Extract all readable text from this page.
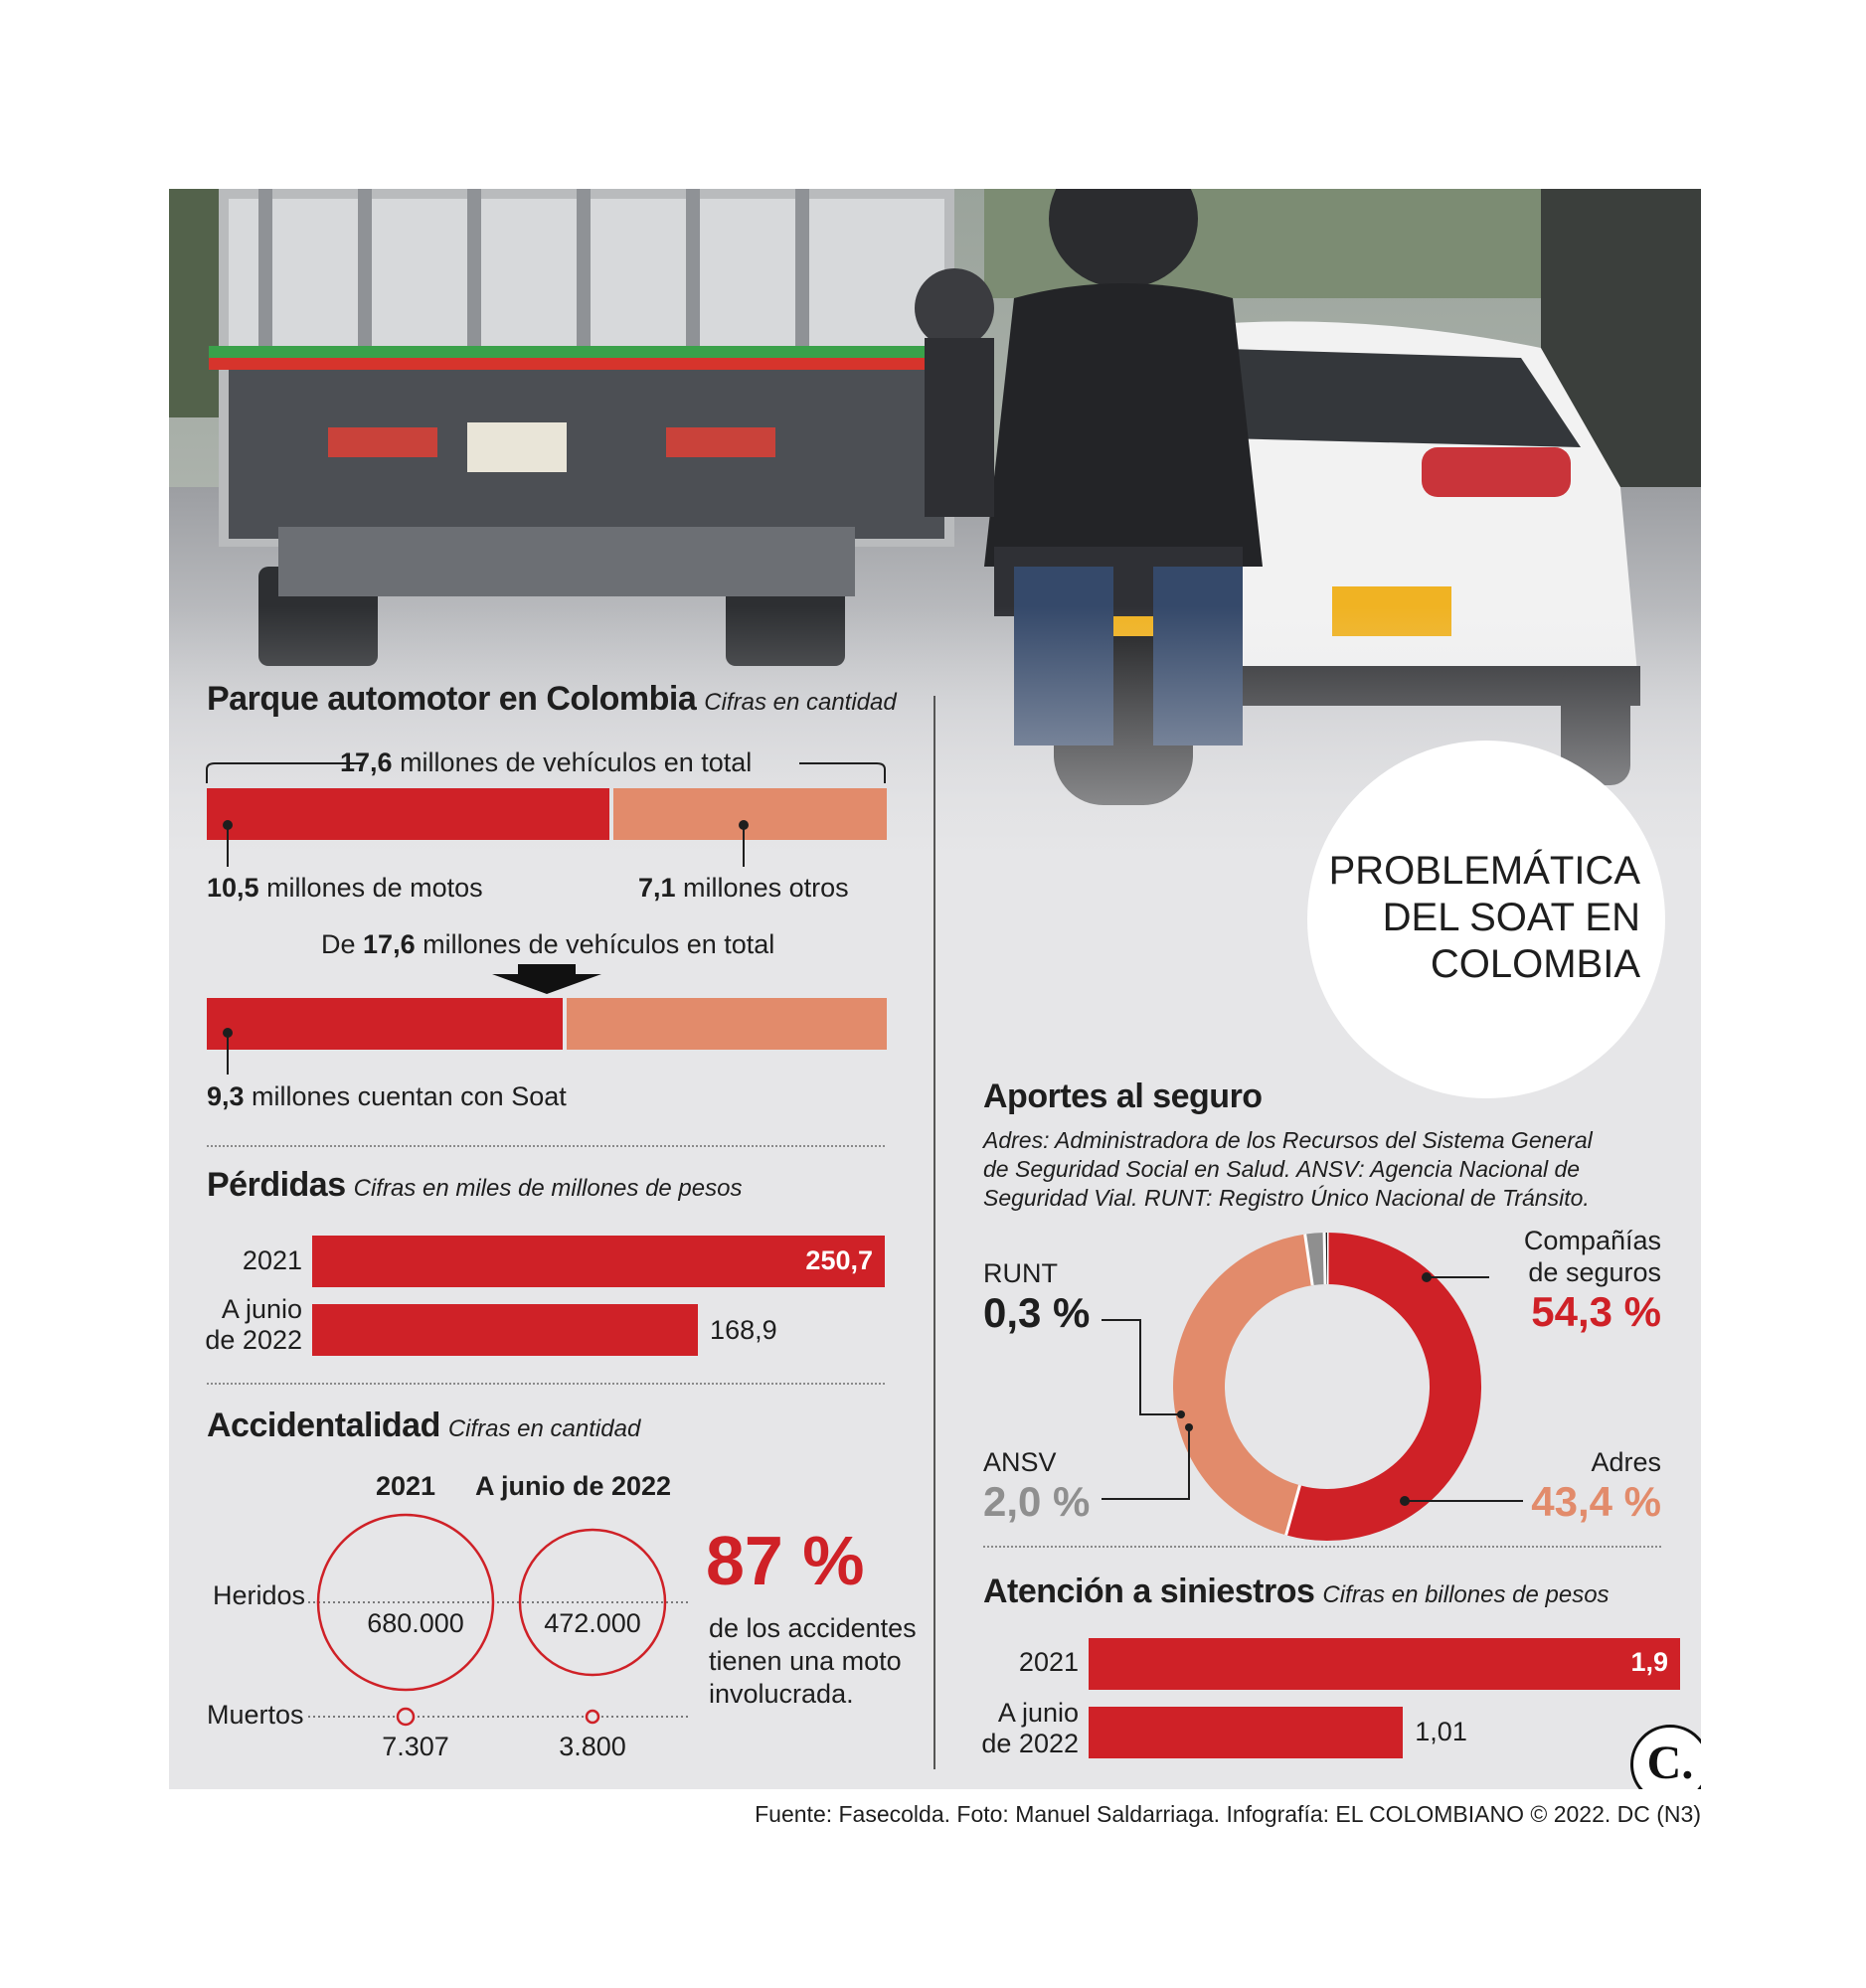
PROBLEMÁTICA
DEL SOAT EN
COLOMBIA
Parque automotor en Colombia Cifras en cantidad
17,6 millones de vehículos en total
10,5 millones de motos	7,1 millones otros
De 17,6 millones de vehículos en total
9,3 millones cuentan con Soat
Pérdidas Cifras en miles de millones de pesos
2021	250,7
A junio
de 2022	168,9
Accidentalidad Cifras en cantidad
2021 A junio de 2022
Heridos
680.000	472.000
Muertos
7.307	3.800
87 %
de los accidentes
tienen una moto
involucrada.
Aportes al seguro
Adres: Administradora de los Recursos del Sistema General
de Seguridad Social en Salud. ANSV: Agencia Nacional de
Seguridad Vial. RUNT: Registro Único Nacional de Tránsito.
Compañías
de seguros
54,3 %
Adres
43,4 %
RUNT
0,3 %
ANSV
2,0 %
Atención a siniestros Cifras en billones de pesos
2021	1,9
A junio
de 2022	1,01
C.
Fuente: Fasecolda. Foto: Manuel Saldarriaga. Infografía: EL COLOMBIANO © 2022. DC (N3)
